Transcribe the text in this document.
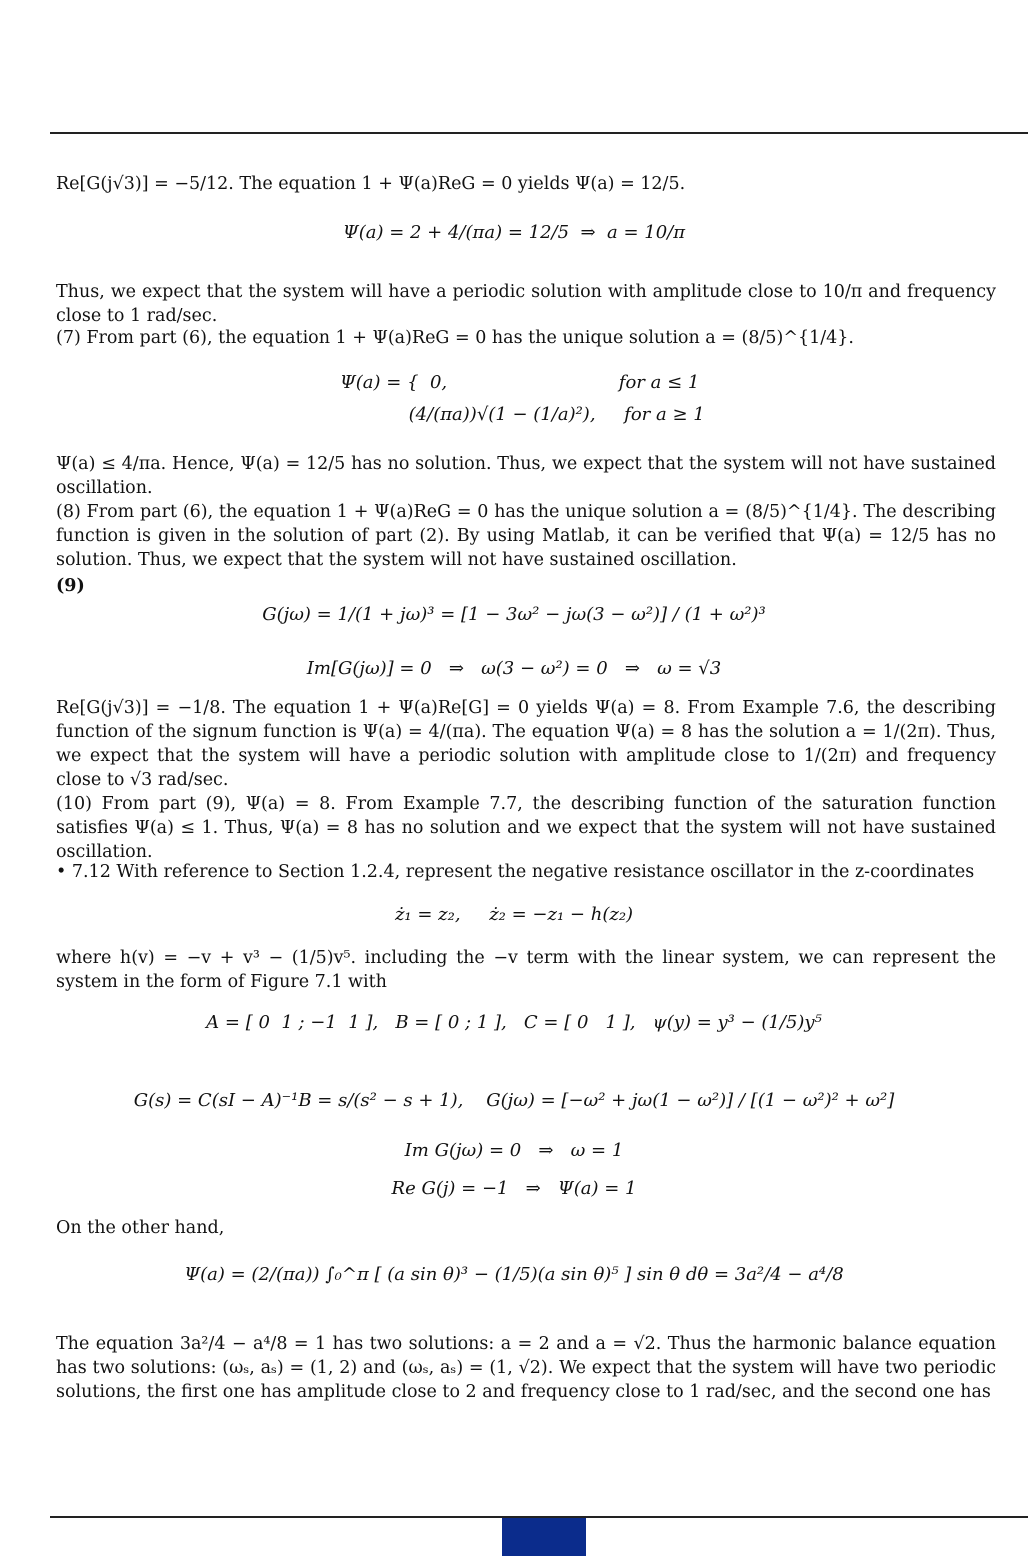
Re[G(j√3)] = −5/12. The equation 1 + Ψ(a)ReG = 0 yields Ψ(a) = 12/5.
Ψ(a) = 2 + 4/(πa) = 12/5  ⇒  a = 10/π
Thus, we expect that the system will have a periodic solution with amplitude close to 10/π and frequency close to 1 rad/sec.
(7) From part (6), the equation 1 + Ψ(a)ReG = 0 has the unique solution a = (8/5)^{1/4}.
Ψ(a) = {  0,                              for a ≤ 1
(4/(πa))√(1 − (1/a)²),     for a ≥ 1
Ψ(a) ≤ 4/πa. Hence, Ψ(a) = 12/5 has no solution. Thus, we expect that the system will not have sustained oscillation.
(8) From part (6), the equation 1 + Ψ(a)ReG = 0 has the unique solution a = (8/5)^{1/4}. The describing function is given in the solution of part (2). By using Matlab, it can be verified that Ψ(a) = 12/5 has no solution. Thus, we expect that the system will not have sustained oscillation.
(9)
G(jω) = 1/(1 + jω)³ = [1 − 3ω² − jω(3 − ω²)] / (1 + ω²)³
Im[G(jω)] = 0   ⇒   ω(3 − ω²) = 0   ⇒   ω = √3
Re[G(j√3)] = −1/8. The equation 1 + Ψ(a)Re[G] = 0 yields Ψ(a) = 8. From Example 7.6, the describing function of the signum function is Ψ(a) = 4/(πa). The equation Ψ(a) = 8 has the solution a = 1/(2π). Thus, we expect that the system will have a periodic solution with amplitude close to 1/(2π) and frequency close to √3 rad/sec.
(10) From part (9), Ψ(a) = 8. From Example 7.7, the describing function of the saturation function satisfies Ψ(a) ≤ 1. Thus, Ψ(a) = 8 has no solution and we expect that the system will not have sustained oscillation.
• 7.12 With reference to Section 1.2.4, represent the negative resistance oscillator in the z-coordinates
ż₁ = z₂,     ż₂ = −z₁ − h(z₂)
where h(v) = −v + v³ − (1/5)v⁵. including the −v term with the linear system, we can represent the system in the form of Figure 7.1 with
A = [ 0  1 ; −1  1 ],   B = [ 0 ; 1 ],   C = [ 0   1 ],   ψ(y) = y³ − (1/5)y⁵
G(s) = C(sI − A)⁻¹B = s/(s² − s + 1),    G(jω) = [−ω² + jω(1 − ω²)] / [(1 − ω²)² + ω²]
Im G(jω) = 0   ⇒   ω = 1
Re G(j) = −1   ⇒   Ψ(a) = 1
On the other hand,
Ψ(a) = (2/(πa)) ∫₀^π [ (a sin θ)³ − (1/5)(a sin θ)⁵ ] sin θ dθ = 3a²/4 − a⁴/8
The equation 3a²/4 − a⁴/8 = 1 has two solutions: a = 2 and a = √2. Thus the harmonic balance equation has two solutions: (ωₛ, aₛ) = (1, 2) and (ωₛ, aₛ) = (1, √2). We expect that the system will have two periodic solutions, the first one has amplitude close to 2 and frequency close to 1 rad/sec, and the second one has
